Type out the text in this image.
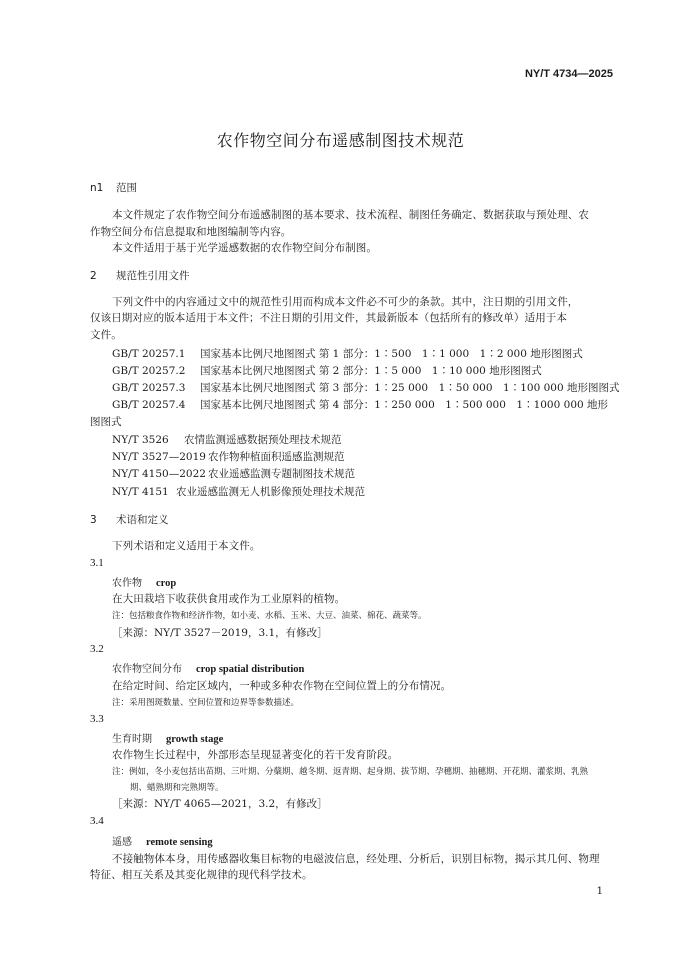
NY/T 4734—2025
农作物空间分布遥感制图技术规范
n1 范围
本文件规定了农作物空间分布遥感制图的基本要求、技术流程、制图任务确定、数据获取与预处理、农
作物空间分布信息提取和地图编制等内容。
本文件适用于基于光学遥感数据的农作物空间分布制图。
2 规范性引用文件
下列文件中的内容通过文中的规范性引用而构成本文件必不可少的条款。其中，注日期的引用文件，
仅该日期对应的版本适用于本文件；不注日期的引用文件，其最新版本（包括所有的修改单）适用于本
文件。
GB/T 20257.1 国家基本比例尺地图图式 第 1 部分：1∶500　1∶1 000　1∶2 000 地形图图式
GB/T 20257.2 国家基本比例尺地图图式 第 2 部分：1∶5 000　1∶10 000 地形图图式
GB/T 20257.3 国家基本比例尺地图图式 第 3 部分：1∶25 000　1∶50 000　1∶100 000 地形图图式
GB/T 20257.4 国家基本比例尺地图图式 第 4 部分：1∶250 000　1∶500 000　1∶1000 000 地形
图图式
NY/T 3526 农情监测遥感数据预处理技术规范
NY/T 3527—2019 农作物种植面积遥感监测规范
NY/T 4150—2022 农业遥感监测专题制图技术规范
NY/T 4151 农业遥感监测无人机影像预处理技术规范
3 术语和定义
下列术语和定义适用于本文件。
3.1
农作物 crop
在大田栽培下收获供食用或作为工业原料的植物。
注：包括粮食作物和经济作物，如小麦、水稻、玉米、大豆、油菜、棉花、蔬菜等。
［来源：NY/T 3527－2019，3.1，有修改］
3.2
农作物空间分布 crop spatial distribution
在给定时间、给定区域内，一种或多种农作物在空间位置上的分布情况。
注：采用图斑数量、空间位置和边界等参数描述。
3.3
生育时期 growth stage
农作物生长过程中，外部形态呈现显著变化的若干发育阶段。
注：例如，冬小麦包括出苗期、三叶期、分蘖期、越冬期、返青期、起身期、拔节期、孕穗期、抽穗期、开花期、灌浆期、乳熟
期、蜡熟期和完熟期等。
［来源：NY/T 4065—2021，3.2，有修改］
3.4
遥感 remote sensing
不接触物体本身，用传感器收集目标物的电磁波信息，经处理、分析后，识别目标物，揭示其几何、物理
特征、相互关系及其变化规律的现代科学技术。
1
